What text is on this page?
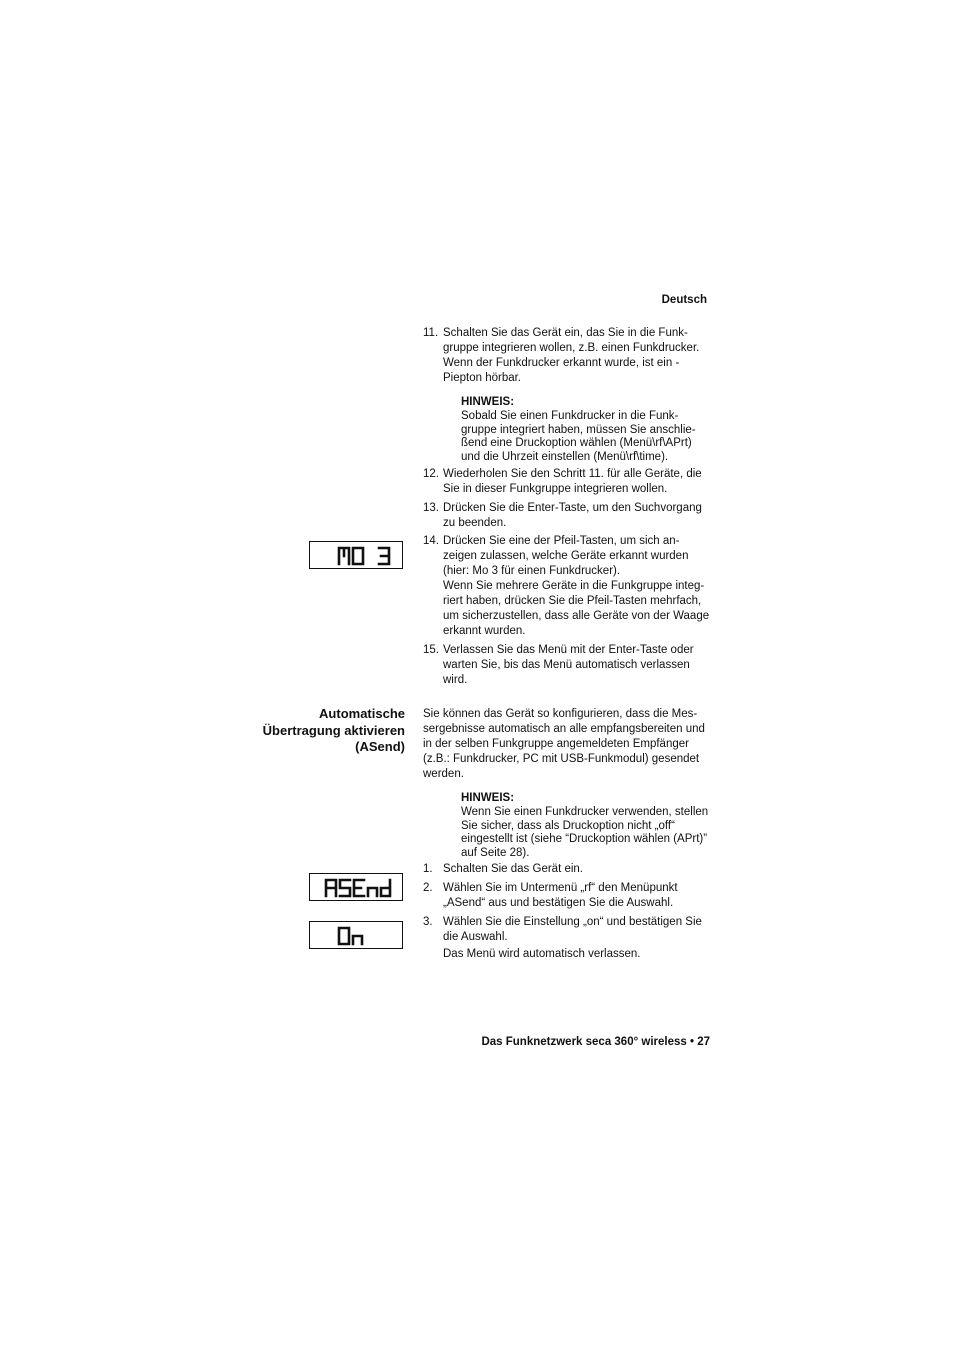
Deutsch
11. Schalten Sie das Gerät ein, das Sie in die Funk-

gruppe integrieren wollen, z.B. einen Funkdrucker.

Wenn der Funkdrucker erkannt wurde, ist ein -

Piepton hörbar.

HINWEIS:

Sobald Sie einen Funkdrucker in die Funk-

gruppe integriert haben, müssen Sie anschlie-

ßend eine Druckoption wählen (Menü\rf\APrt)

und die Uhrzeit einstellen (Menü\rf\time).

12. Wiederholen Sie den Schritt 11. für alle Geräte, die

Sie in dieser Funkgruppe integrieren wollen.

13. Drücken Sie die Enter-Taste, um den Suchvorgang

zu beenden.

14. Drücken Sie eine der Pfeil-Tasten, um sich an-

zeigen zulassen, welche Geräte erkannt wurden

(hier: Mo 3 für einen Funkdrucker).

Wenn Sie mehrere Geräte in die Funkgruppe integ-

riert haben, drücken Sie die Pfeil-Tasten mehrfach,

um sicherzustellen, dass alle Geräte von der Waage

erkannt wurden.

15. Verlassen Sie das Menü mit der Enter-Taste oder

warten Sie, bis das Menü automatisch verlassen

wird.

Automatische
Übertragung aktivieren
(ASend)

Sie können das Gerät so konfigurieren, dass die Mes-

sergebnisse automatisch an alle empfangsbereiten und

in der selben Funkgruppe angemeldeten Empfänger

(z.B.: Funkdrucker, PC mit USB-Funkmodul) gesendet

werden.

HINWEIS:

Wenn Sie einen Funkdrucker verwenden, stellen

Sie sicher, dass als Druckoption nicht „off“

eingestellt ist (siehe “Druckoption wählen (APrt)”

auf Seite 28).

1. Schalten Sie das Gerät ein.

2. Wählen Sie im Untermenü „rf“ den Menüpunkt

„ASend“ aus und bestätigen Sie die Auswahl.

3. Wählen Sie die Einstellung „on“ und bestätigen Sie

die Auswahl.

Das Menü wird automatisch verlassen.

Das Funknetzwerk seca 360° wireless • 27
